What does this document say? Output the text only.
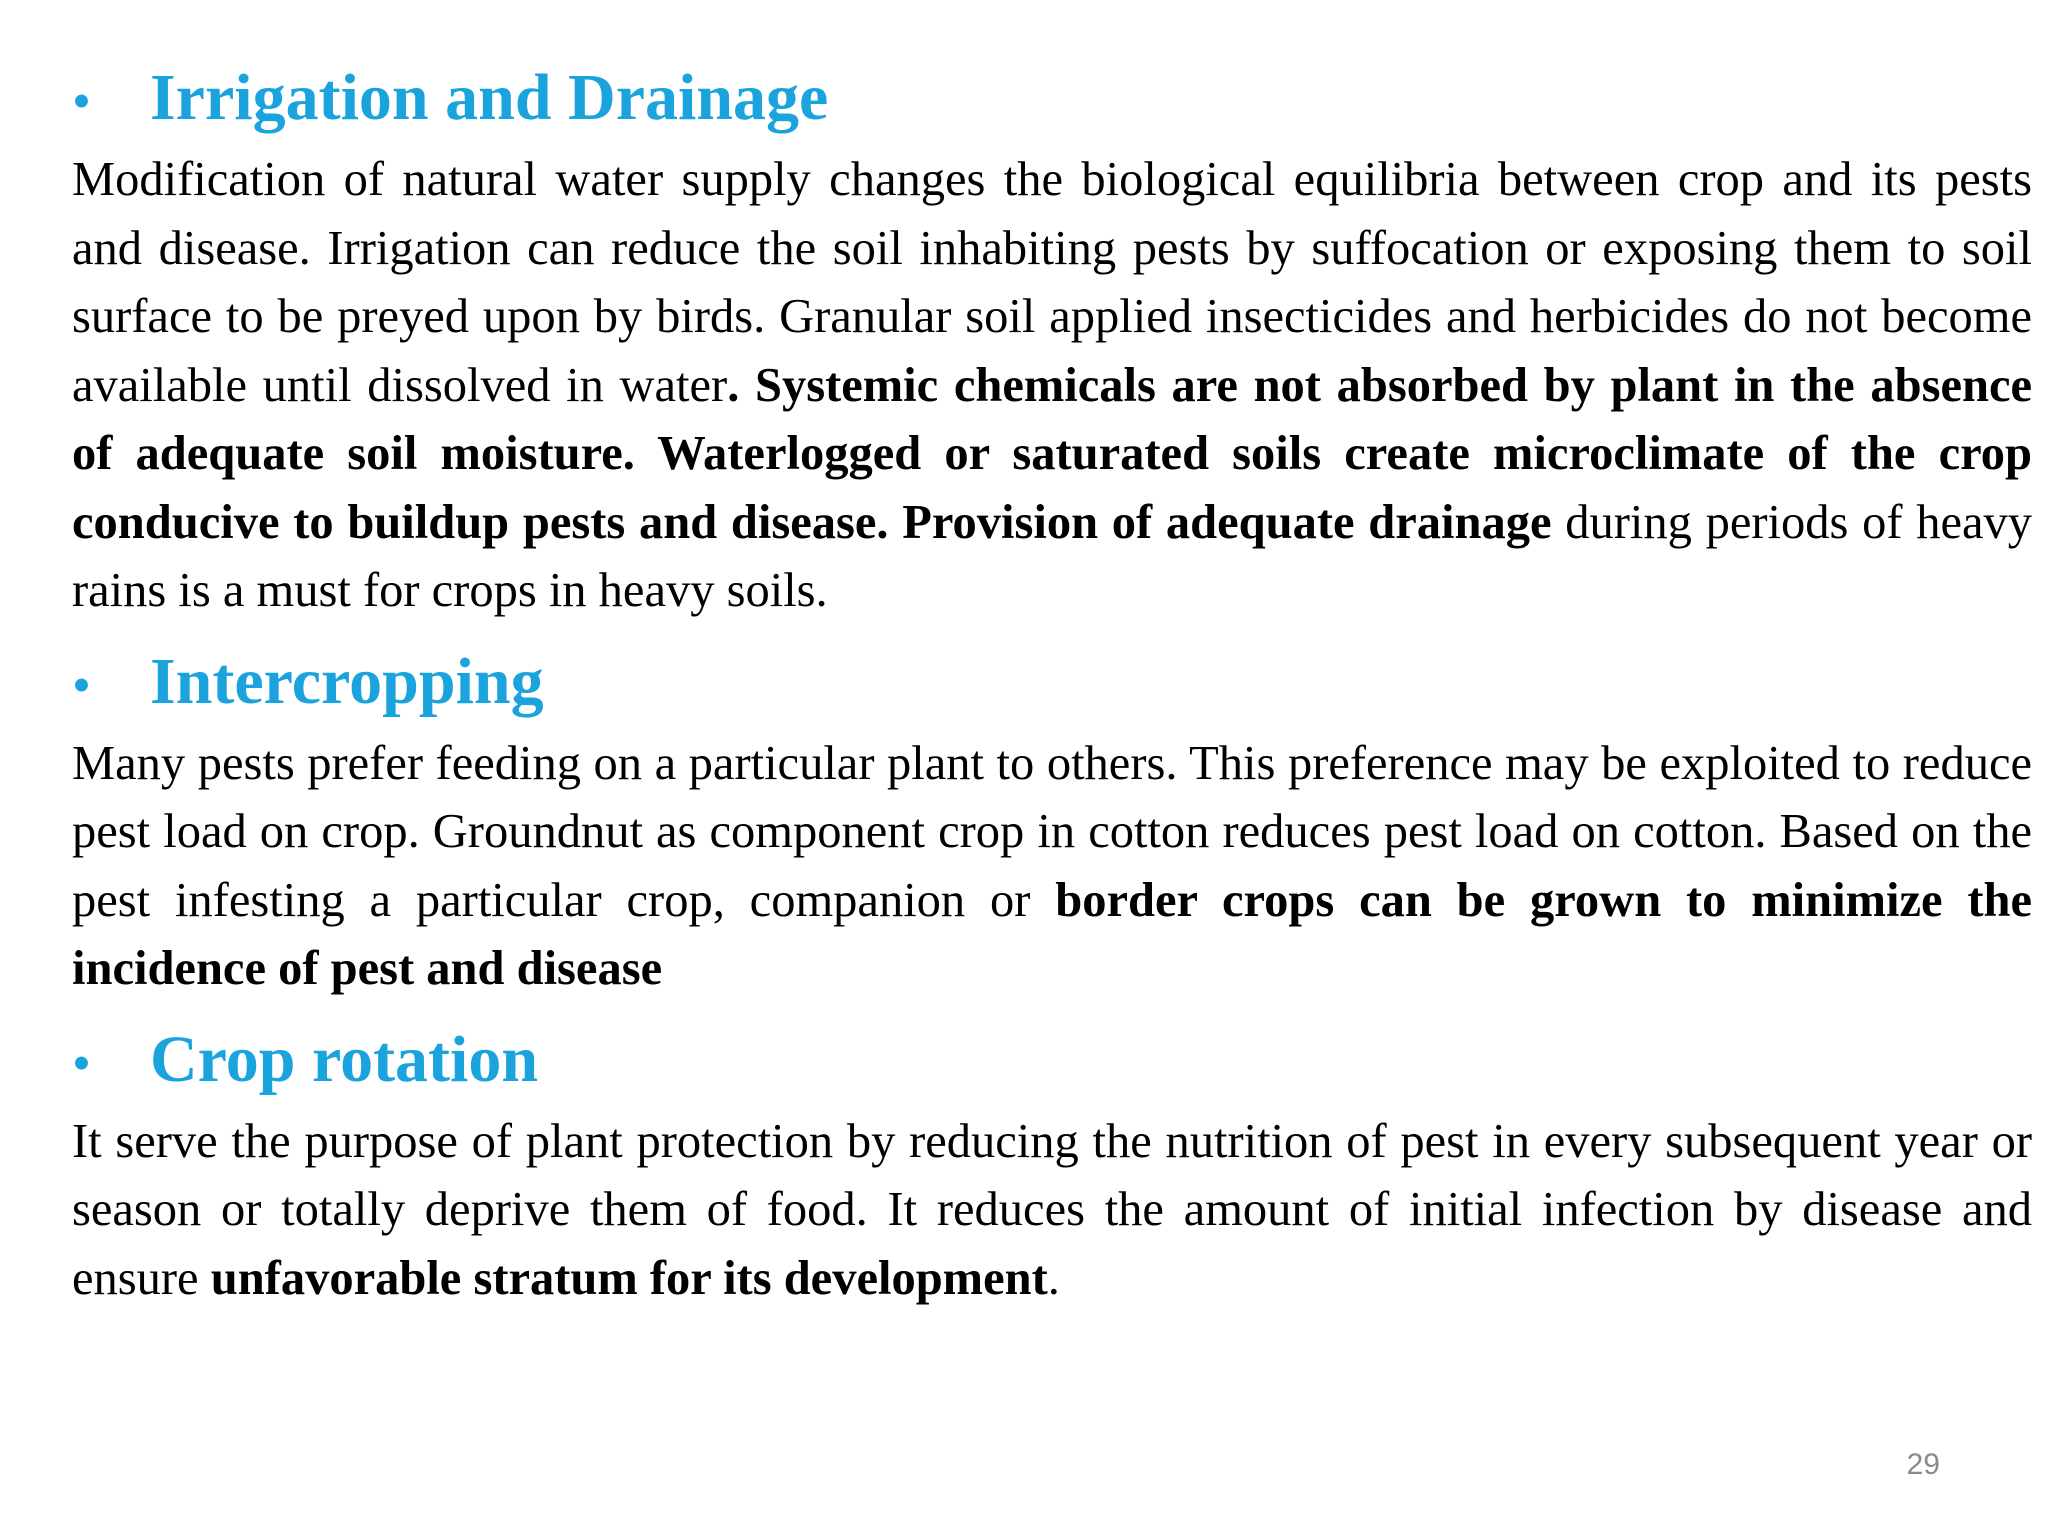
• Irrigation and Drainage

Modification of natural water supply changes the biological equilibria between crop and its pests and disease. Irrigation can reduce the soil inhabiting pests by suffocation or exposing them to soil surface to be preyed upon by birds. Granular soil applied insecticides and herbicides do not become available until dissolved in water. Systemic chemicals are not absorbed by plant in the absence of adequate soil moisture. Waterlogged or saturated soils create microclimate of the crop conducive to buildup pests and disease. Provision of adequate drainage during periods of heavy rains is a must for crops in heavy soils.

• Intercropping

Many pests prefer feeding on a particular plant to others. This preference may be exploited to reduce pest load on crop. Groundnut as component crop in cotton reduces pest load on cotton. Based on the pest infesting a particular crop, companion or border crops can be grown to minimize the incidence of pest and disease

• Crop rotation

It serve the purpose of plant protection by reducing the nutrition of pest in every subsequent year or season or totally deprive them of food. It reduces the amount of initial infection by disease and ensure unfavorable stratum for its development.

29
